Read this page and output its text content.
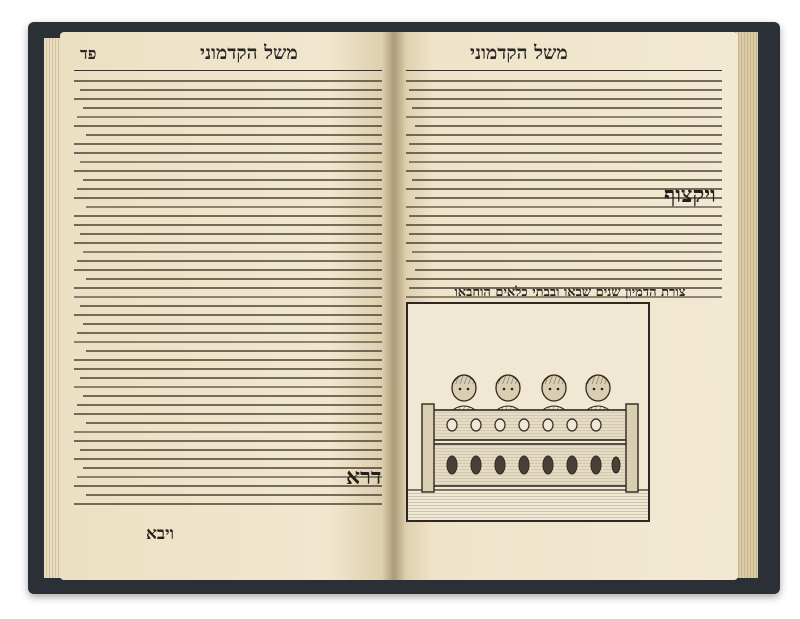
משל הקדמוני
פד
דרא
ויבא
משל הקדמוני
ויקצוף
צורת הדמיון שנים שבאו ובבתי כלאים הוחבאו
